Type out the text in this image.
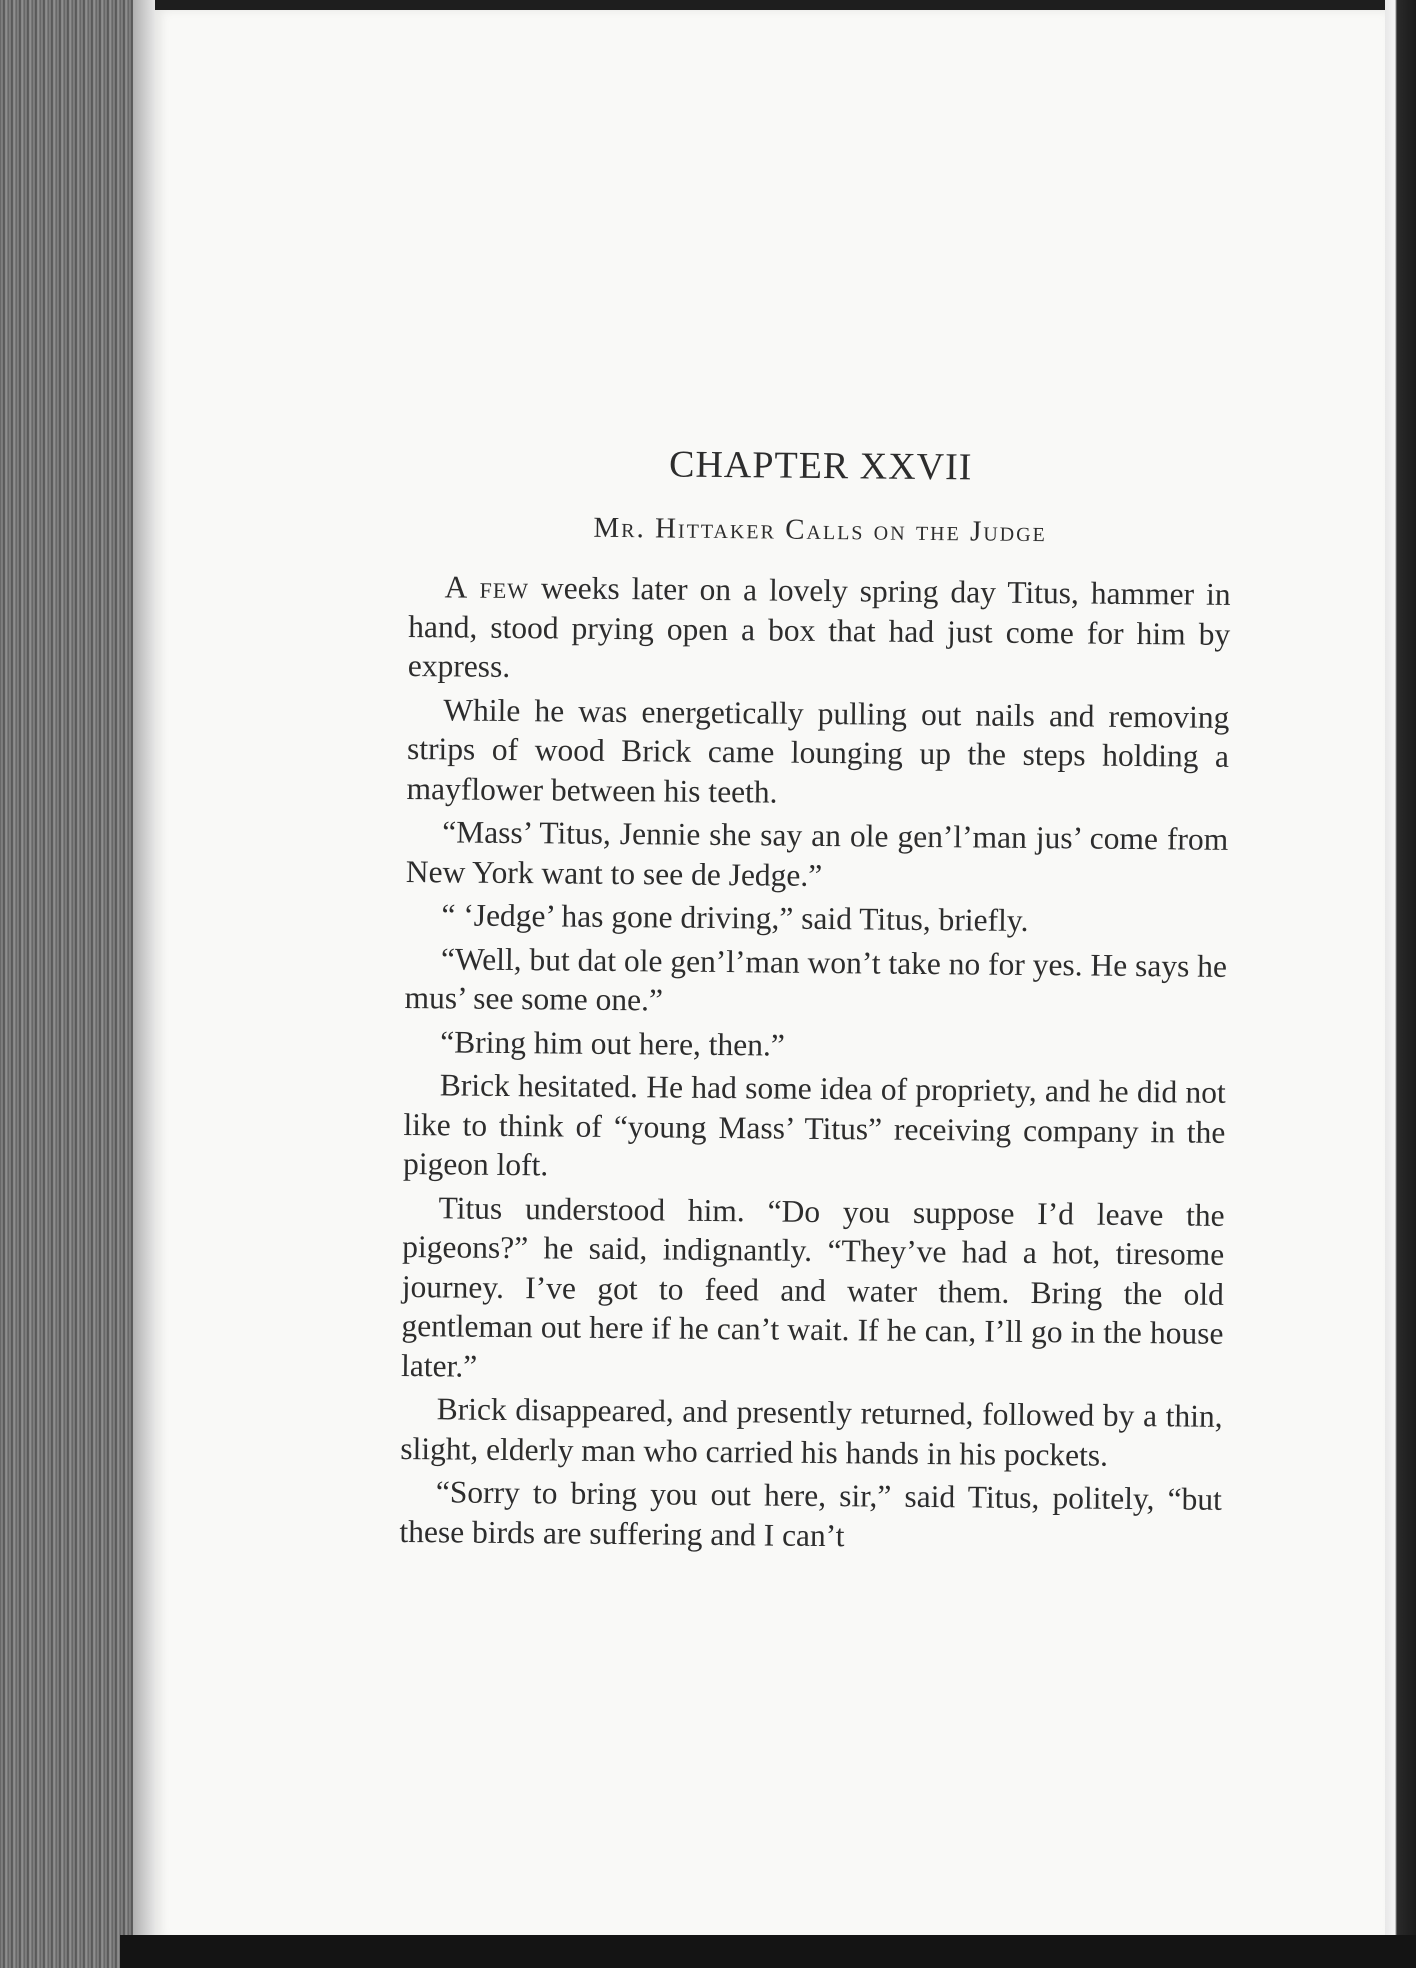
CHAPTER XXVII
Mr. Hittaker Calls on the Judge

A few weeks later on a lovely spring day Titus, hammer in hand, stood prying open a box that had just come for him by express.

While he was energetically pulling out nails and removing strips of wood Brick came lounging up the steps holding a mayflower between his teeth.

“Mass’ Titus, Jennie she say an ole gen’l’man jus’ come from New York want to see de Jedge.”

“ ‘Jedge’ has gone driving,” said Titus, briefly.

“Well, but dat ole gen’l’man won’t take no for yes. He says he mus’ see some one.”

“Bring him out here, then.”

Brick hesitated. He had some idea of propriety, and he did not like to think of “young Mass’ Titus” receiving company in the pigeon loft.

Titus understood him. “Do you suppose I’d leave the pigeons?” he said, indignantly. “They’ve had a hot, tiresome journey. I’ve got to feed and water them. Bring the old gentleman out here if he can’t wait. If he can, I’ll go in the house later.”

Brick disappeared, and presently returned, followed by a thin, slight, elderly man who carried his hands in his pockets.

“Sorry to bring you out here, sir,” said Titus, politely, “but these birds are suffering and I can’t
